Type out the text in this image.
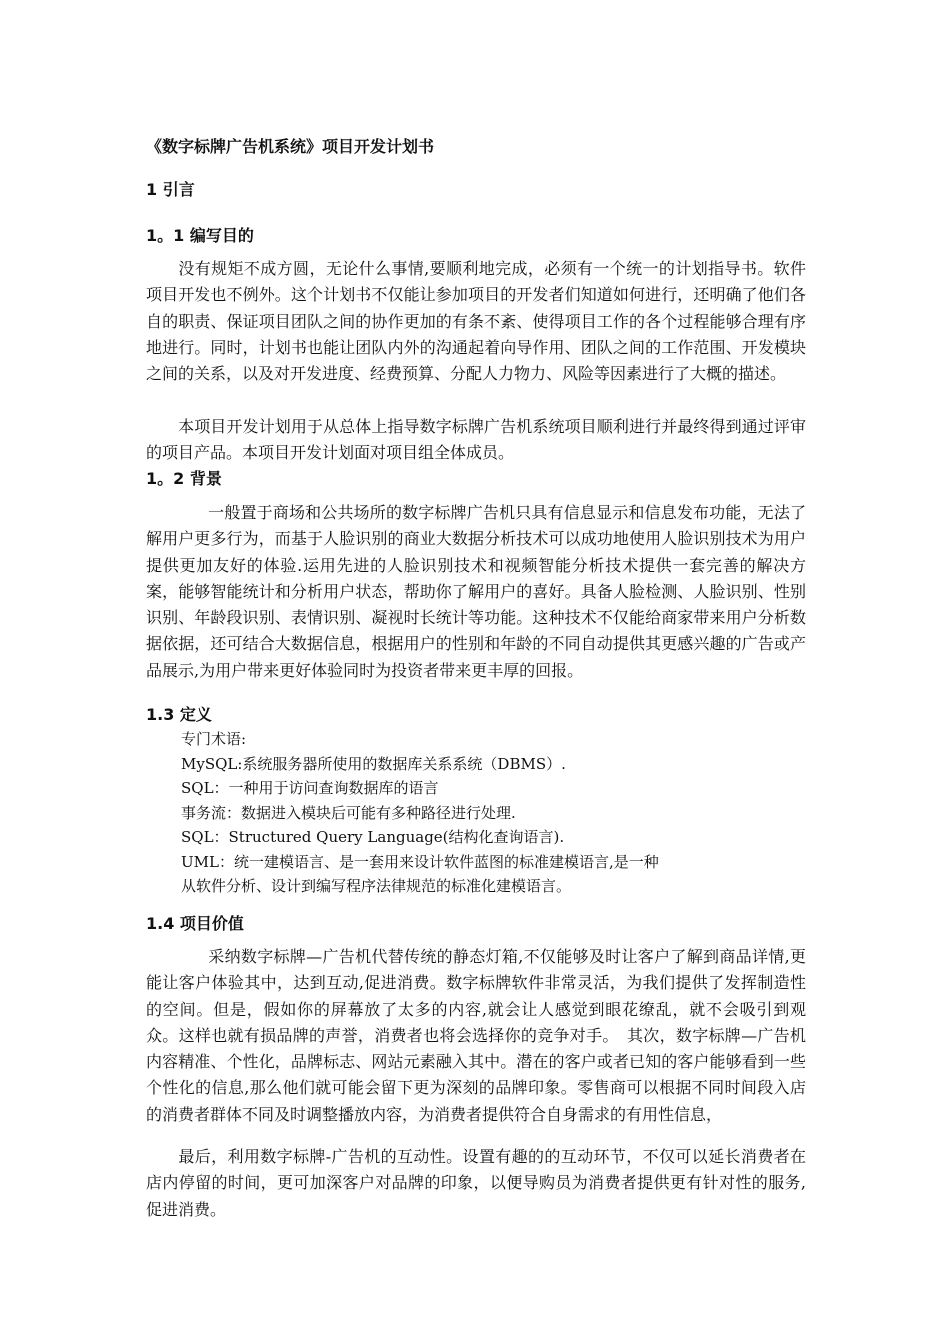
《数字标牌广告机系统》项目开发计划书
1 引言
1。1 编写目的
没有规矩不成方圆，无论什么事情,要顺利地完成，必须有一个统一的计划指导书。软件项目开发也不例外。这个计划书不仅能让参加项目的开发者们知道如何进行，还明确了他们各自的职责、保证项目团队之间的协作更加的有条不紊、使得项目工作的各个过程能够合理有序地进行。同时，计划书也能让团队内外的沟通起着向导作用、团队之间的工作范围、开发模块之间的关系，以及对开发进度、经费预算、分配人力物力、风险等因素进行了大概的描述。
本项目开发计划用于从总体上指导数字标牌广告机系统项目顺利进行并最终得到通过评审的项目产品。本项目开发计划面对项目组全体成员。
1。2 背景
一般置于商场和公共场所的数字标牌广告机只具有信息显示和信息发布功能，无法了解用户更多行为，而基于人脸识别的商业大数据分析技术可以成功地使用人脸识别技术为用户提供更加友好的体验.运用先进的人脸识别技术和视频智能分析技术提供一套完善的解决方案，能够智能统计和分析用户状态，帮助你了解用户的喜好。具备人脸检测、人脸识别、性别识别、年龄段识别、表情识别、凝视时长统计等功能。这种技术不仅能给商家带来用户分析数据依据，还可结合大数据信息，根据用户的性别和年龄的不同自动提供其更感兴趣的广告或产品展示,为用户带来更好体验同时为投资者带来更丰厚的回报。
1.3 定义
专门术语:
MySQL:系统服务器所使用的数据库关系系统（DBMS）.
SQL：一种用于访问查询数据库的语言
事务流：数据进入模块后可能有多种路径进行处理.
SQL：Structured Query Language(结构化查询语言).
UML：统一建模语言、是一套用来设计软件蓝图的标准建模语言,是一种
从软件分析、设计到编写程序法律规范的标准化建模语言。
1.4 项目价值
采纳数字标牌—广告机代替传统的静态灯箱,不仅能够及时让客户了解到商品详情,更能让客户体验其中，达到互动,促进消费。数字标牌软件非常灵活，为我们提供了发挥制造性的空间。但是，假如你的屏幕放了太多的内容,就会让人感觉到眼花缭乱，就不会吸引到观众。这样也就有损品牌的声誉，消费者也将会选择你的竞争对手。　其次，数字标牌—广告机内容精准、个性化，品牌标志、网站元素融入其中。潜在的客户或者已知的客户能够看到一些个性化的信息,那么他们就可能会留下更为深刻的品牌印象。零售商可以根据不同时间段入店的消费者群体不同及时调整播放内容，为消费者提供符合自身需求的有用性信息，
最后，利用数字标牌-广告机的互动性。设置有趣的的互动环节，不仅可以延长消费者在店内停留的时间，更可加深客户对品牌的印象，以便导购员为消费者提供更有针对性的服务,促进消费。
